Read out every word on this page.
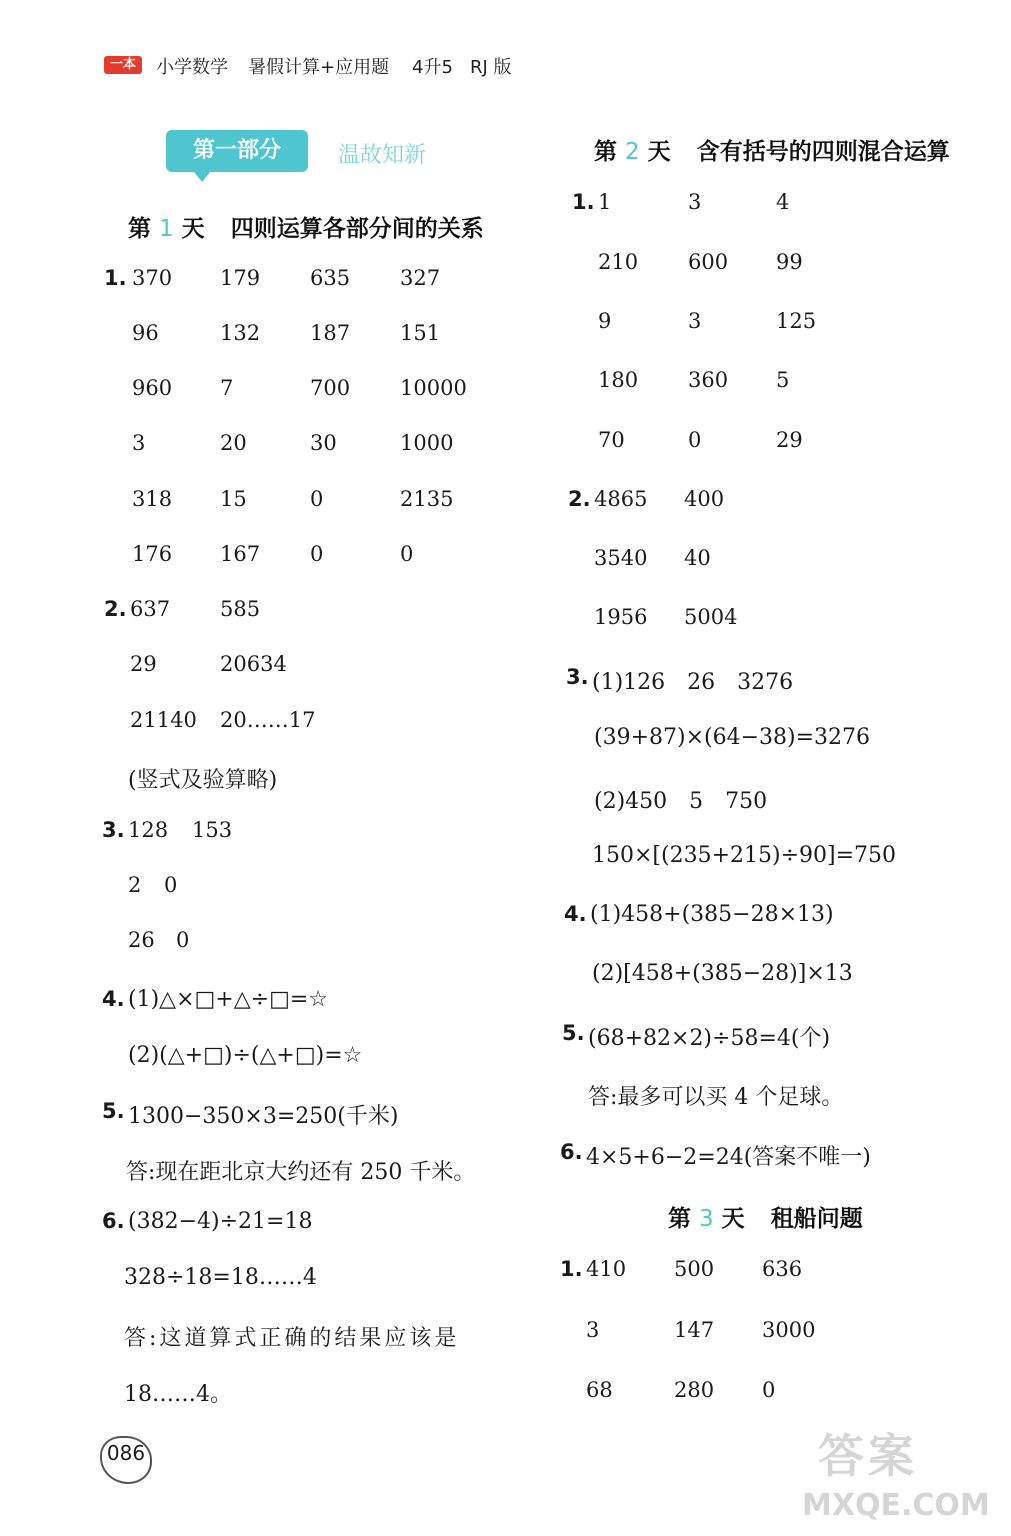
一本	小学数学 暑假计算+应用题 4升5 RJ 版
第一部分	温故知新
第 1 天 四则运算各部分间的关系
1. 370 179 635 327
96	132 187 151
960 7	700 10000
3	20	30	1000
318 15	0	2135
176 167 0	0
2. 637 585
29	20634
21140 20……17
(竖式及验算略)
3. 128 153
2 0
26 0
4. (1)△×□+△÷□=☆
(2)(△+□)÷(△+□)=☆
5. 1300−350×3=250(千米)
答:现在距北京大约还有 250 千米。
6. (382−4)÷21=18
328÷18=18……4
答:这道算式正确的结果应该是
18……4。
第 2 天 含有括号的四则混合运算
1. 1	3	4
210 600 99
9	3	125
180 360 5
70	0	29
2. 4865 400
3540 40
1956 5004
3. (1)126　26　3276
(39+87)×(64−38)=3276
(2)450　5　750
150×[(235+215)÷90]=750
4. (1)458+(385−28×13)
(2)[458+(385−28)]×13
5. (68+82×2)÷58=4(个)
答:最多可以买 4 个足球。
6. 4×5+6−2=24(答案不唯一)
第 3 天 租船问题
1. 410 500 636
3	147 3000
68	280 0
086	答案
MXQE.COM
